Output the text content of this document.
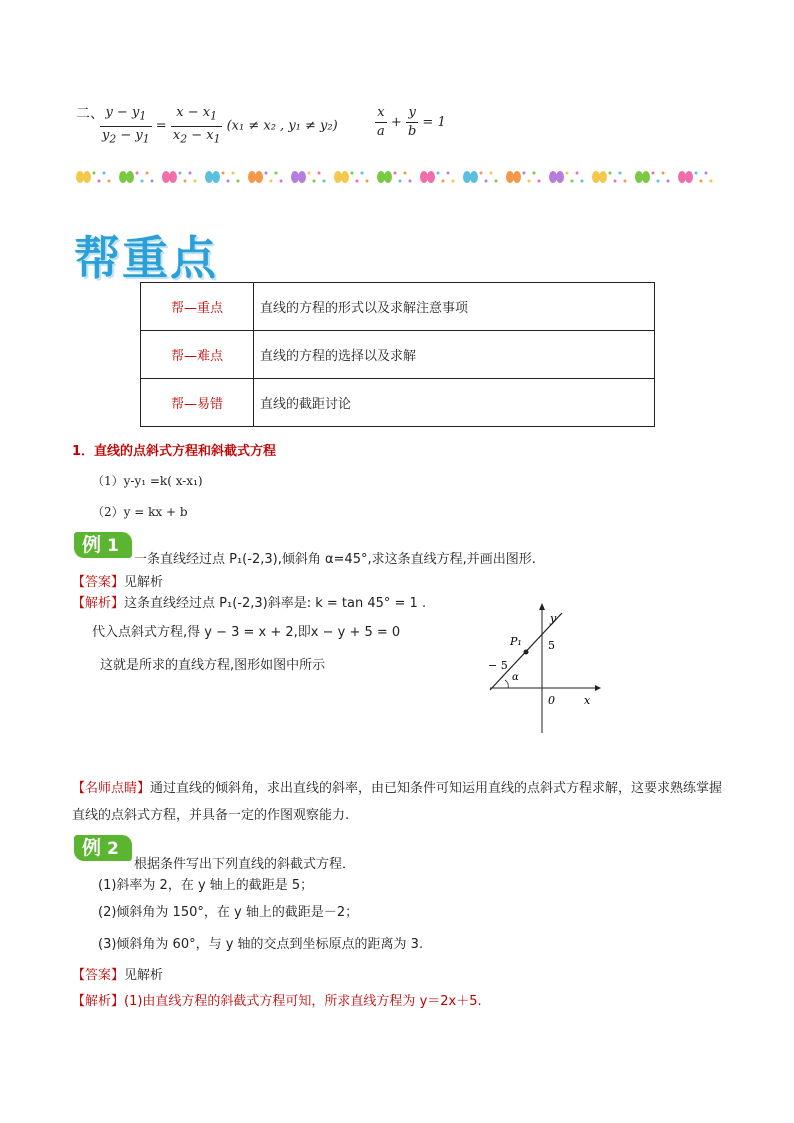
二、
$\frac{y - y_1}{y_2 - y_1} = \frac{x - x_1}{x_2 - x_1} (x_1 \ne x_2$ , y₁ ≠ y₂)	$\frac{x}{a} + \frac{y}{b} = 1$
帮重点
帮—重点	直线的方程的形式以及求解注意事项
帮—难点	直线的方程的选择以及求解
帮—易错	直线的截距讨论
1．直线的点斜式方程和斜截式方程
（1）y-y₁ =k( x-x₁)
（2）y = kx + b
例 1
一条直线经过点 P₁(-2,3),倾斜角 α=45°,求这条直线方程,并画出图形.
【答案】见解析
【解析】这条直线经过点 P₁(-2,3)斜率是: k = tan 45° = 1 .
代入点斜式方程,得 y − 3 = x + 2,即x − y + 5 = 0
这就是所求的直线方程,图形如图中所示
y
x
0
P₁ 5
− 5
α
【名师点睛】通过直线的倾斜角，求出直线的斜率，由已知条件可知运用直线的点斜式方程求解，这要求熟练掌握直线的点斜式方程，并具备一定的作图观察能力.
例 2
根据条件写出下列直线的斜截式方程．
(1)斜率为 2，在 y 轴上的截距是 5；
(2)倾斜角为 150°，在 y 轴上的截距是－2；
(3)倾斜角为 60°，与 y 轴的交点到坐标原点的距离为 3.
【答案】见解析
【解析】(1)由直线方程的斜截式方程可知，所求直线方程为 y＝2x＋5.
